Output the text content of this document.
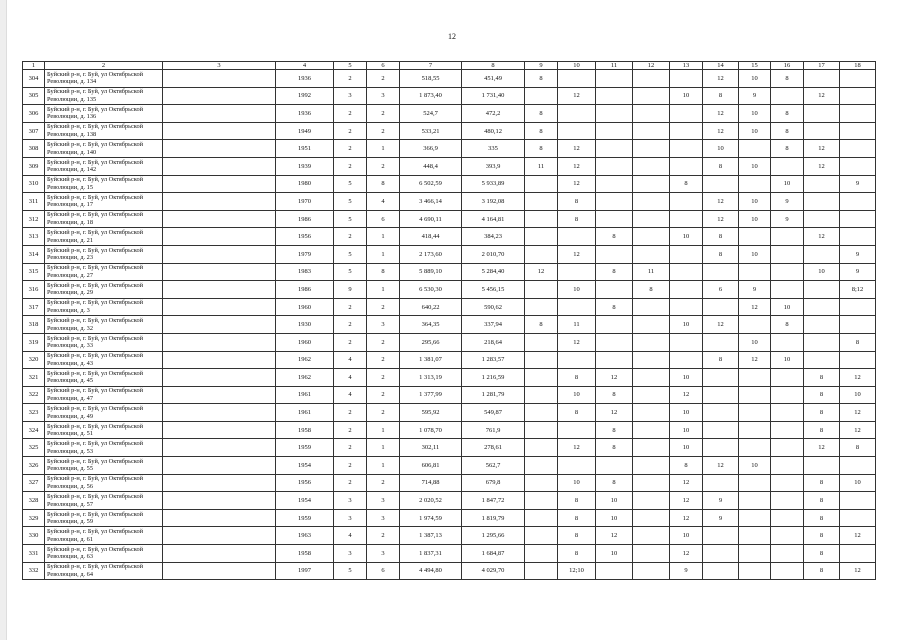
12
1	2	3	4	5	6	7	8	9	10	11	12	13	14	15	16	17	18
304	Буйский р-н, г. Буй, ул Октябрьской Революции, д. 134		1936	2	2	518,55	451,49	8					12	10	8		
305	Буйский р-н, г. Буй, ул Октябрьской Революции, д. 135		1992	3	3	1 873,40	1 731,40		12			10	8	9		12	
306	Буйский р-н, г. Буй, ул Октябрьской Революции, д. 136		1936	2	2	524,7	472,2	8					12	10	8		
307	Буйский р-н, г. Буй, ул Октябрьской Революции, д. 138		1949	2	2	533,21	480,12	8					12	10	8		
308	Буйский р-н, г. Буй, ул Октябрьской Революции, д. 140		1951	2	1	366,9	335	8	12				10		8	12	
309	Буйский р-н, г. Буй, ул Октябрьской Революции, д. 142		1939	2	2	448,4	393,9	11	12				8	10		12	
310	Буйский р-н, г. Буй, ул Октябрьской Революции, д. 15		1980	5	8	6 502,59	5 933,89		12			8			10		9
311	Буйский р-н, г. Буй, ул Октябрьской Революции, д. 17		1970	5	4	3 466,14	3 192,08		8				12	10	9		
312	Буйский р-н, г. Буй, ул Октябрьской Революции, д. 18		1986	5	6	4 690,11	4 164,81		8				12	10	9		
313	Буйский р-н, г. Буй, ул Октябрьской Революции, д. 21		1956	2	1	418,44	384,23			8		10	8			12	
314	Буйский р-н, г. Буй, ул Октябрьской Революции, д. 23		1979	5	1	2 173,60	2 010,70		12				8	10			9
315	Буйский р-н, г. Буй, ул Октябрьской Революции, д. 27		1983	5	8	5 889,10	5 284,40	12		8	11					10	9
316	Буйский р-н, г. Буй, ул Октябрьской Революции, д. 29		1986	9	1	6 530,30	5 456,15		10		8		6	9			8;12
317	Буйский р-н, г. Буй, ул Октябрьской Революции, д. 3		1960	2	2	640,22	590,62			8				12	10		
318	Буйский р-н, г. Буй, ул Октябрьской Революции, д. 32		1930	2	3	364,35	337,94	8	11			10	12		8		
319	Буйский р-н, г. Буй, ул Октябрьской Революции, д. 33		1960	2	2	295,66	218,64		12					10			8
320	Буйский р-н, г. Буй, ул Октябрьской Революции, д. 43		1962	4	2	1 381,07	1 283,57						8	12	10		
321	Буйский р-н, г. Буй, ул Октябрьской Революции, д. 45		1962	4	2	1 313,19	1 216,59		8	12		10				8	12
322	Буйский р-н, г. Буй, ул Октябрьской Революции, д. 47		1961	4	2	1 377,99	1 281,79		10	8		12				8	10
323	Буйский р-н, г. Буй, ул Октябрьской Революции, д. 49		1961	2	2	595,92	549,87		8	12		10				8	12
324	Буйский р-н, г. Буй, ул Октябрьской Революции, д. 51		1958	2	1	1 078,70	761,9			8		10				8	12
325	Буйский р-н, г. Буй, ул Октябрьской Революции, д. 53		1959	2	1	302,11	278,61		12	8		10				12	8
326	Буйский р-н, г. Буй, ул Октябрьской Революции, д. 55		1954	2	1	606,81	562,7					8	12	10			
327	Буйский р-н, г. Буй, ул Октябрьской Революции, д. 56		1956	2	2	714,88	679,8		10	8		12				8	10
328	Буйский р-н, г. Буй, ул Октябрьской Революции, д. 57		1954	3	3	2 020,52	1 847,72		8	10		12	9			8	
329	Буйский р-н, г. Буй, ул Октябрьской Революции, д. 59		1959	3	3	1 974,59	1 819,79		8	10		12	9			8	
330	Буйский р-н, г. Буй, ул Октябрьской Революции, д. 61		1963	4	2	1 387,13	1 295,66		8	12		10				8	12
331	Буйский р-н, г. Буй, ул Октябрьской Революции, д. 63		1958	3	3	1 837,31	1 684,87		8	10		12				8	
332	Буйский р-н, г. Буй, ул Октябрьской Революции, д. 64		1997	5	6	4 494,80	4 029,70		12;10			9				8	12
